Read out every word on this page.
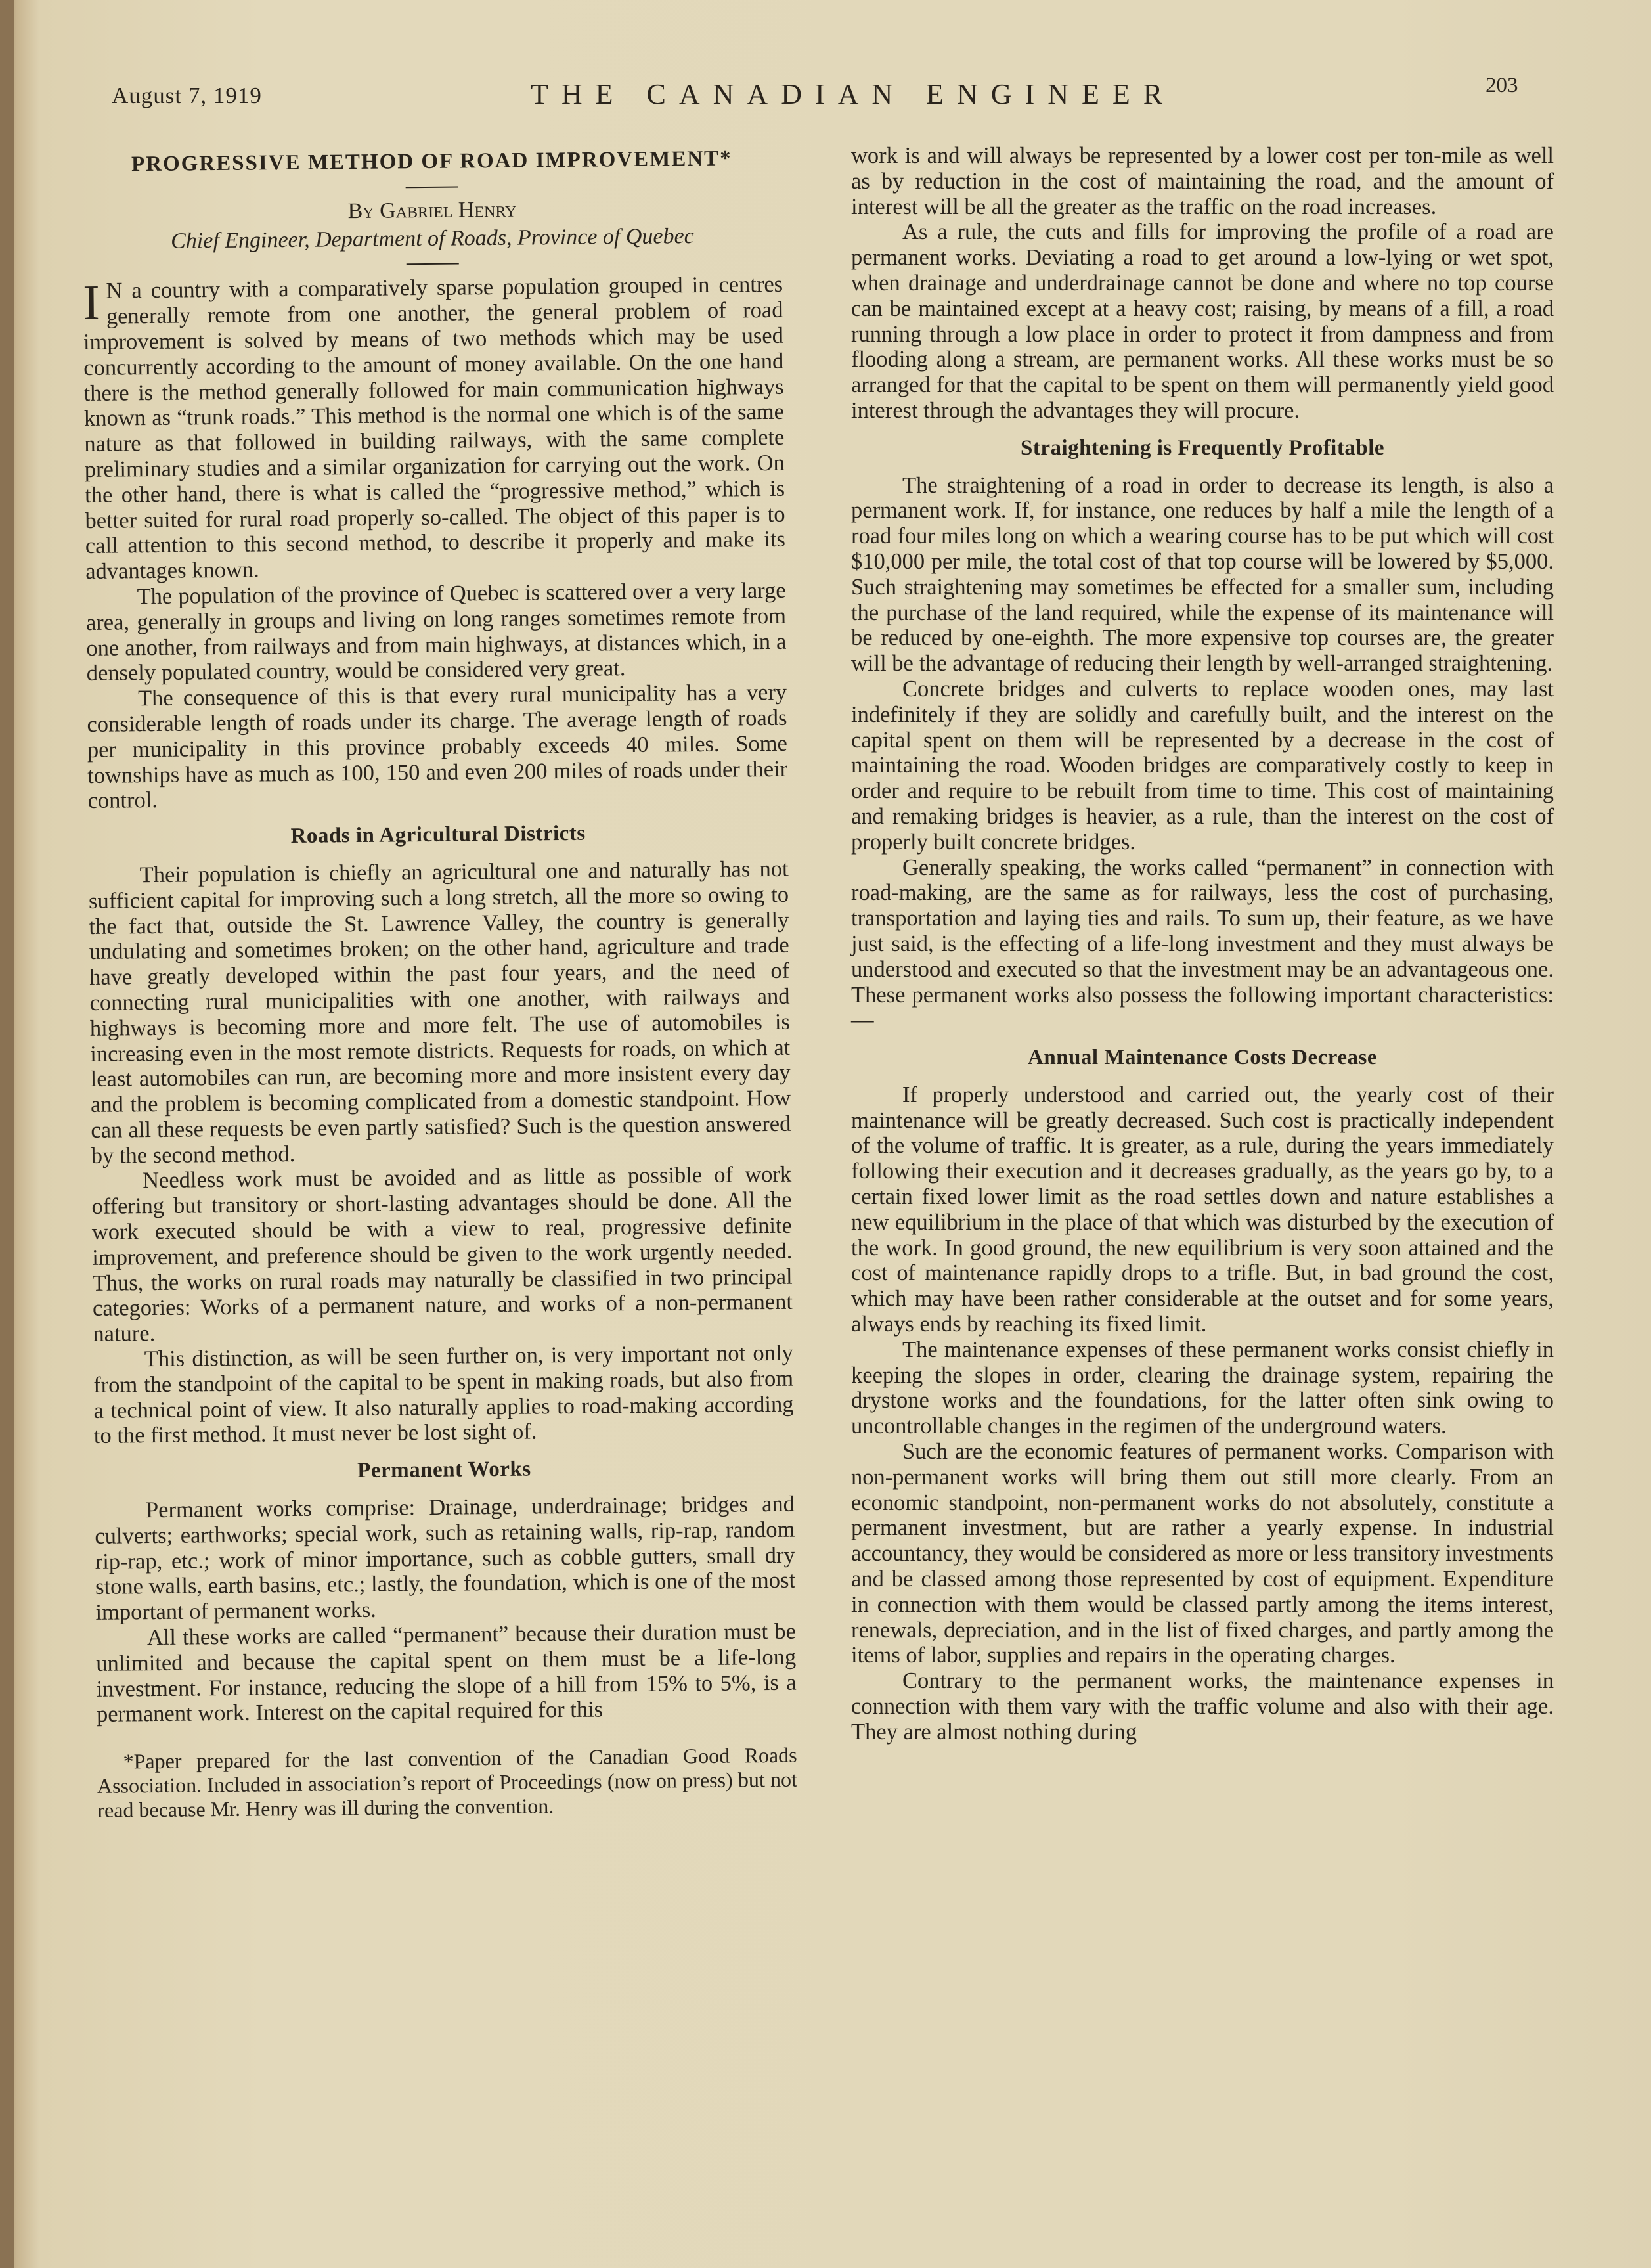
August 7, 1919	THE CANADIAN ENGINEER	203
PROGRESSIVE METHOD OF ROAD IMPROVEMENT*
By Gabriel Henry
Chief Engineer, Department of Roads, Province of Quebec

I N a country with a comparatively sparse population grouped in centres generally remote from one another, the general problem of road improvement is solved by means of two methods which may be used concurrently according to the amount of money available. On the one hand there is the method generally followed for main communication highways known as “trunk roads.” This method is the normal one which is of the same nature as that followed in building railways, with the same complete preliminary studies and a similar organization for carrying out the work. On the other hand, there is what is called the “progressive method,” which is better suited for rural road properly so-called. The object of this paper is to call attention to this second method, to describe it properly and make its advantages known.

The population of the province of Quebec is scattered over a very large area, generally in groups and living on long ranges sometimes remote from one another, from railways and from main highways, at distances which, in a densely populated country, would be considered very great.

The consequence of this is that every rural municipality has a very considerable length of roads under its charge. The average length of roads per municipality in this province probably exceeds 40 miles. Some townships have as much as 100, 150 and even 200 miles of roads under their control.

Roads in Agricultural Districts

Their population is chiefly an agricultural one and naturally has not sufficient capital for improving such a long stretch, all the more so owing to the fact that, outside the St. Lawrence Valley, the country is generally undulating and sometimes broken; on the other hand, agriculture and trade have greatly developed within the past four years, and the need of connecting rural municipalities with one another, with railways and highways is becoming more and more felt. The use of automobiles is increasing even in the most remote districts. Requests for roads, on which at least automobiles can run, are becoming more and more insistent every day and the problem is becoming complicated from a domestic standpoint. How can all these requests be even partly satisfied? Such is the question answered by the second method.

Needless work must be avoided and as little as possible of work offering but transitory or short-lasting advantages should be done. All the work executed should be with a view to real, progressive definite improvement, and preference should be given to the work urgently needed. Thus, the works on rural roads may naturally be classified in two principal categories: Works of a permanent nature, and works of a non-permanent nature.

This distinction, as will be seen further on, is very important not only from the standpoint of the capital to be spent in making roads, but also from a technical point of view. It also naturally applies to road-making according to the first method. It must never be lost sight of.

Permanent Works

Permanent works comprise: Drainage, underdrainage; bridges and culverts; earthworks; special work, such as retaining walls, rip-rap, random rip-rap, etc.; work of minor importance, such as cobble gutters, small dry stone walls, earth basins, etc.; lastly, the foundation, which is one of the most important of permanent works.

All these works are called “permanent” because their duration must be unlimited and because the capital spent on them must be a life-long investment. For instance, reducing the slope of a hill from 15% to 5%, is a permanent work. Interest on the capital required for this

*Paper prepared for the last convention of the Canadian Good Roads Association. Included in association’s report of Proceedings (now on press) but not read because Mr. Henry was ill during the convention.

work is and will always be represented by a lower cost per ton-mile as well as by reduction in the cost of maintaining the road, and the amount of interest will be all the greater as the traffic on the road increases.

As a rule, the cuts and fills for improving the profile of a road are permanent works. Deviating a road to get around a low-lying or wet spot, when drainage and underdrainage cannot be done and where no top course can be maintained except at a heavy cost; raising, by means of a fill, a road running through a low place in order to protect it from dampness and from flooding along a stream, are permanent works. All these works must be so arranged for that the capital to be spent on them will permanently yield good interest through the advantages they will procure.

Straightening is Frequently Profitable

The straightening of a road in order to decrease its length, is also a permanent work. If, for instance, one reduces by half a mile the length of a road four miles long on which a wearing course has to be put which will cost $10,000 per mile, the total cost of that top course will be lowered by $5,000. Such straightening may sometimes be effected for a smaller sum, including the purchase of the land required, while the expense of its maintenance will be reduced by one-eighth. The more expensive top courses are, the greater will be the advantage of reducing their length by well-arranged straightening.

Concrete bridges and culverts to replace wooden ones, may last indefinitely if they are solidly and carefully built, and the interest on the capital spent on them will be represented by a decrease in the cost of maintaining the road. Wooden bridges are comparatively costly to keep in order and require to be rebuilt from time to time. This cost of maintaining and remaking bridges is heavier, as a rule, than the interest on the cost of properly built concrete bridges.

Generally speaking, the works called “permanent” in connection with road-making, are the same as for railways, less the cost of purchasing, transportation and laying ties and rails. To sum up, their feature, as we have just said, is the effecting of a life-long investment and they must always be understood and executed so that the investment may be an advantageous one. These permanent works also possess the following important characteristics:—

Annual Maintenance Costs Decrease

If properly understood and carried out, the yearly cost of their maintenance will be greatly decreased. Such cost is practically independent of the volume of traffic. It is greater, as a rule, during the years immediately following their execution and it decreases gradually, as the years go by, to a certain fixed lower limit as the road settles down and nature establishes a new equilibrium in the place of that which was disturbed by the execution of the work. In good ground, the new equilibrium is very soon attained and the cost of maintenance rapidly drops to a trifle. But, in bad ground the cost, which may have been rather considerable at the outset and for some years, always ends by reaching its fixed limit.

The maintenance expenses of these permanent works consist chiefly in keeping the slopes in order, clearing the drainage system, repairing the drystone works and the foundations, for the latter often sink owing to uncontrollable changes in the regimen of the underground waters.

Such are the economic features of permanent works. Comparison with non-permanent works will bring them out still more clearly. From an economic standpoint, non-permanent works do not absolutely, constitute a permanent investment, but are rather a yearly expense. In industrial accountancy, they would be considered as more or less transitory investments and be classed among those represented by cost of equipment. Expenditure in connection with them would be classed partly among the items interest, renewals, depreciation, and in the list of fixed charges, and partly among the items of labor, supplies and repairs in the operating charges.

Contrary to the permanent works, the maintenance expenses in connection with them vary with the traffic volume and also with their age. They are almost nothing during
